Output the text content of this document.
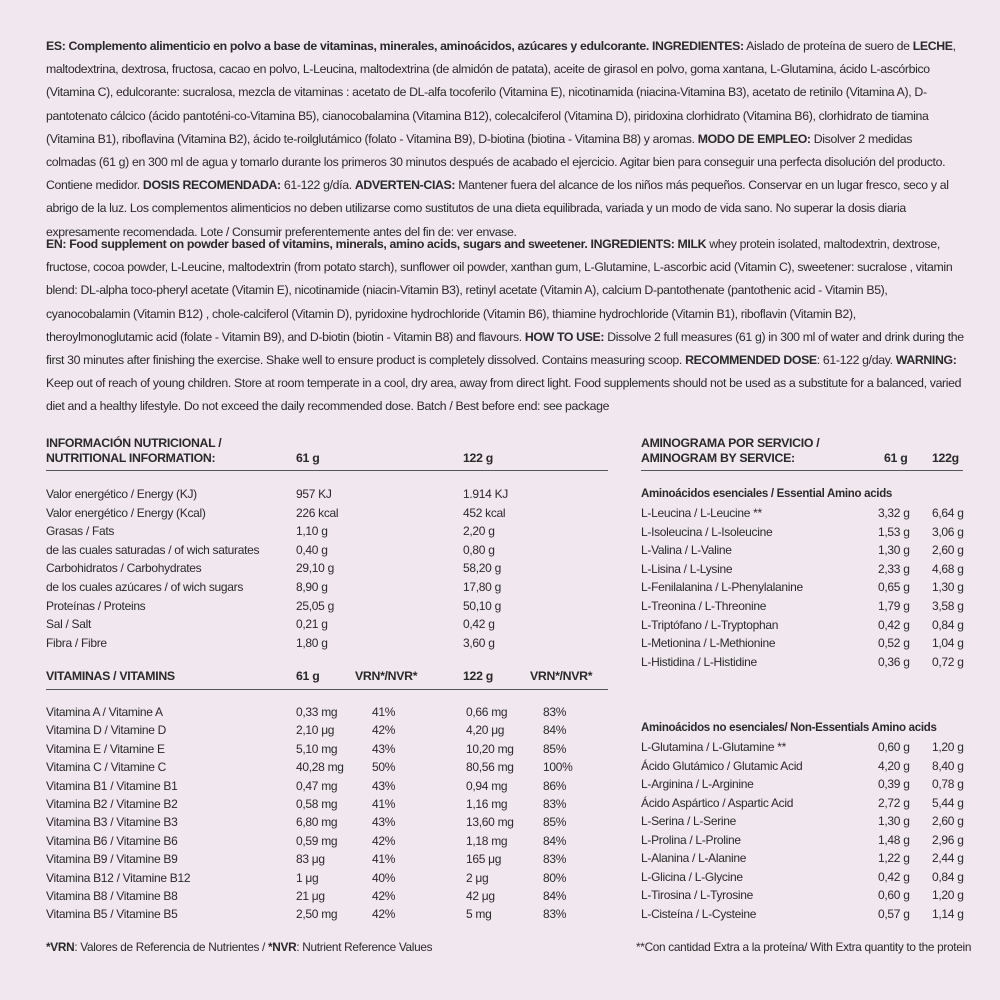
ES: Complemento alimenticio en polvo a base de vitaminas, minerales, aminoácidos, azúcares y edulcorante. INGREDIENTES: Aislado de proteína de suero de LECHE, maltodextrina, dextrosa, fructosa, cacao en polvo, L-Leucina, maltodextrina (de almidón de patata), aceite de girasol en polvo, goma xantana, L-Glutamina, ácido L-ascórbico (Vitamina C), edulcorante: sucralosa, mezcla de vitaminas : acetato de DL-alfa tocoferilo (Vitamina E), nicotinamida (niacina-Vitamina B3), acetato de retinilo (Vitamina A), D-pantotenato cálcico (ácido pantoténi-co-Vitamina B5), cianocobalamina (Vitamina B12), colecalciferol (Vitamina D), piridoxina clorhidrato (Vitamina B6), clorhidrato de tiamina (Vitamina B1), riboflavina (Vitamina B2), ácido te-roilglutámico (folato - Vitamina B9), D-biotina (biotina - Vitamina B8) y aromas. MODO DE EMPLEO: Disolver 2 medidas colmadas (61 g) en 300 ml de agua y tomarlo durante los primeros 30 minutos después de acabado el ejercicio. Agitar bien para conseguir una perfecta disolución del producto. Contiene medidor. DOSIS RECOMENDADA: 61-122 g/día. ADVERTEN-CIAS: Mantener fuera del alcance de los niños más pequeños. Conservar en un lugar fresco, seco y al abrigo de la luz. Los complementos alimenticios no deben utilizarse como sustitutos de una dieta equilibrada, variada y un modo de vida sano. No superar la dosis diaria expresamente recomendada. Lote / Consumir preferentemente antes del fin de: ver envase.
EN: Food supplement on powder based of vitamins, minerals, amino acids, sugars and sweetener. INGREDIENTS: MILK whey protein isolated, maltodextrin, dextrose, fructose, cocoa powder, L-Leucine, maltodextrin (from potato starch), sunflower oil powder, xanthan gum, L-Glutamine, L-ascorbic acid (Vitamin C), sweetener: sucralose , vitamin blend: DL-alpha toco-pheryl acetate (Vitamin E), nicotinamide (niacin-Vitamin B3), retinyl acetate (Vitamin A), calcium D-pantothenate (pantothenic acid - Vitamin B5), cyanocobalamin (Vitamin B12) , chole-calciferol (Vitamin D), pyridoxine hydrochloride (Vitamin B6), thiamine hydrochloride (Vitamin B1), riboflavin (Vitamin B2), theroylmonoglutamic acid (folate - Vitamin B9), and D-biotin (biotin - Vitamin B8) and flavours. HOW TO USE: Dissolve 2 full measures (61 g) in 300 ml of water and drink during the first 30 minutes after finishing the exercise. Shake well to ensure product is completely dissolved. Contains measuring scoop. RECOMMENDED DOSE: 61-122 g/day. WARNING: Keep out of reach of young children. Store at room temperate in a cool, dry area, away from direct light. Food supplements should not be used as a substitute for a balanced, varied diet and a healthy lifestyle. Do not exceed the daily recommended dose. Batch / Best before end: see package
INFORMACIÓN NUTRICIONAL /
NUTRITIONAL INFORMATION:	61 g	122 g
Valor energético / Energy (KJ)	957 KJ	1.914 KJ
Valor energético / Energy (Kcal)	226 kcal	452 kcal
Grasas / Fats	1,10 g	2,20 g
de las cuales saturadas / of wich saturates	0,40 g	0,80 g
Carbohidratos / Carbohydrates	29,10 g	58,20 g
de los cuales azúcares / of wich sugars	8,90 g	17,80 g
Proteínas / Proteins	25,05 g	50,10 g
Sal / Salt	0,21 g	0,42 g
Fibra / Fibre	1,80 g	3,60 g
VITAMINAS / VITAMINS	61 g	VRN*/NVR*	122 g	VRN*/NVR*
Vitamina A / Vitamine A	0,33 mg	41%	0,66 mg	83%
Vitamina D / Vitamine D	2,10 μg	42%	4,20 μg	84%
Vitamina E / Vitamine E	5,10 mg	43%	10,20 mg 85%
Vitamina C / Vitamine C	40,28 mg 50%	80,56 mg 100%
Vitamina B1 / Vitamine B1	0,47 mg	43%	0,94 mg	86%
Vitamina B2 / Vitamine B2	0,58 mg	41%	1,16 mg	83%
Vitamina B3 / Vitamine B3	6,80 mg	43%	13,60 mg 85%
Vitamina B6 / Vitamine B6	0,59 mg	42%	1,18 mg	84%
Vitamina B9 / Vitamine B9	83 μg	41%	165 μg	83%
Vitamina B12 / Vitamine B12	1 μg	40%	2 μg	80%
Vitamina B8 / Vitamine B8	21 μg	42%	42 μg	84%
Vitamina B5 / Vitamine B5	2,50 mg	42%	5 mg	83%
*VRN: Valores de Referencia de Nutrientes / *NVR: Nutrient Reference Values
AMINOGRAMA POR SERVICIO /
AMINOGRAM BY SERVICE:	61 g 122g
Aminoácidos esenciales / Essential Amino acids
L-Leucina / L-Leucine **	3,32 g 6,64 g
L-Isoleucina / L-Isoleucine	1,53 g 3,06 g
L-Valina / L-Valine	1,30 g 2,60 g
L-Lisina / L-Lysine	2,33 g 4,68 g
L-Fenilalanina / L-Phenylalanine	0,65 g 1,30 g
L-Treonina / L-Threonine	1,79 g 3,58 g
L-Triptófano / L-Tryptophan	0,42 g 0,84 g
L-Metionina / L-Methionine	0,52 g 1,04 g
L-Histidina / L-Histidine	0,36 g 0,72 g
Aminoácidos no esenciales/ Non-Essentials Amino acids
L-Glutamina / L-Glutamine **	0,60 g 1,20 g
Ácido Glutámico / Glutamic Acid	4,20 g 8,40 g
L-Arginina / L-Arginine	0,39 g 0,78 g
Ácido Aspártico / Aspartic Acid	2,72 g 5,44 g
L-Serina / L-Serine	1,30 g 2,60 g
L-Prolina / L-Proline	1,48 g 2,96 g
L-Alanina / L-Alanine	1,22 g 2,44 g
L-Glicina / L-Glycine	0,42 g 0,84 g
L-Tirosina / L-Tyrosine	0,60 g 1,20 g
L-Cisteína / L-Cysteine	0,57 g 1,14 g
**Con cantidad Extra a la proteína/ With Extra quantity to the protein
